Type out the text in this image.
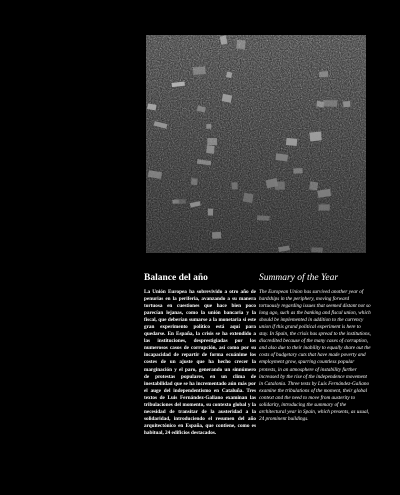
Balance del año

La Unión Europea ha sobrevivido a otro año de penurias en la periferia, avanzando a su manera tortuosa en cuestiones que hace bien poco parecían lejanas, como la unión bancaria y la fiscal, que deberían sumarse a la monetaria si este gran experimento político está aquí para quedarse. En España, la crisis se ha extendido a las instituciones, desprestigiadas por los numerosos casos de corrupción, así como por su incapacidad de repartir de forma ecuánime los costes de un ajuste que ha hecho crecer la marginación y el paro, generando un sinnúmero de protestas populares, en un clima de inestabilidad que se ha incrementado aún más por el auge del independentismo en Cataluña. Tres textos de Luis Fernández-Galiano examinan las tribulaciones del momento, su contexto global y la necesidad de transitar de la austeridad a la solidaridad, introduciendo el resumen del año arquitectónico en España, que contiene, como es habitual, 24 edificios destacados.

Summary of the Year

The European Union has survived another year of hardships in the periphery, moving forward tortuously regarding issues that seemed distant not so long ago, such as the banking and fiscal union, which should be implemented in addition to the currency union if this grand political experiment is here to stay. In Spain, the crisis has spread to the institutions, discredited because of the many cases of corruption, and also due to their inability to equally share out the costs of budgetary cuts that have made poverty and employment grow, spurring countless popular protests, in an atmosphere of instability further increased by the rise of the independence movement in Catalonia. Three texts by Luis Fernández-Galiano examine the tribulations of the moment, their global context and the need to move from austerity to solidarity, introducing the summary of the architectural year in Spain, which presents, as usual, 24 prominent buildings.
